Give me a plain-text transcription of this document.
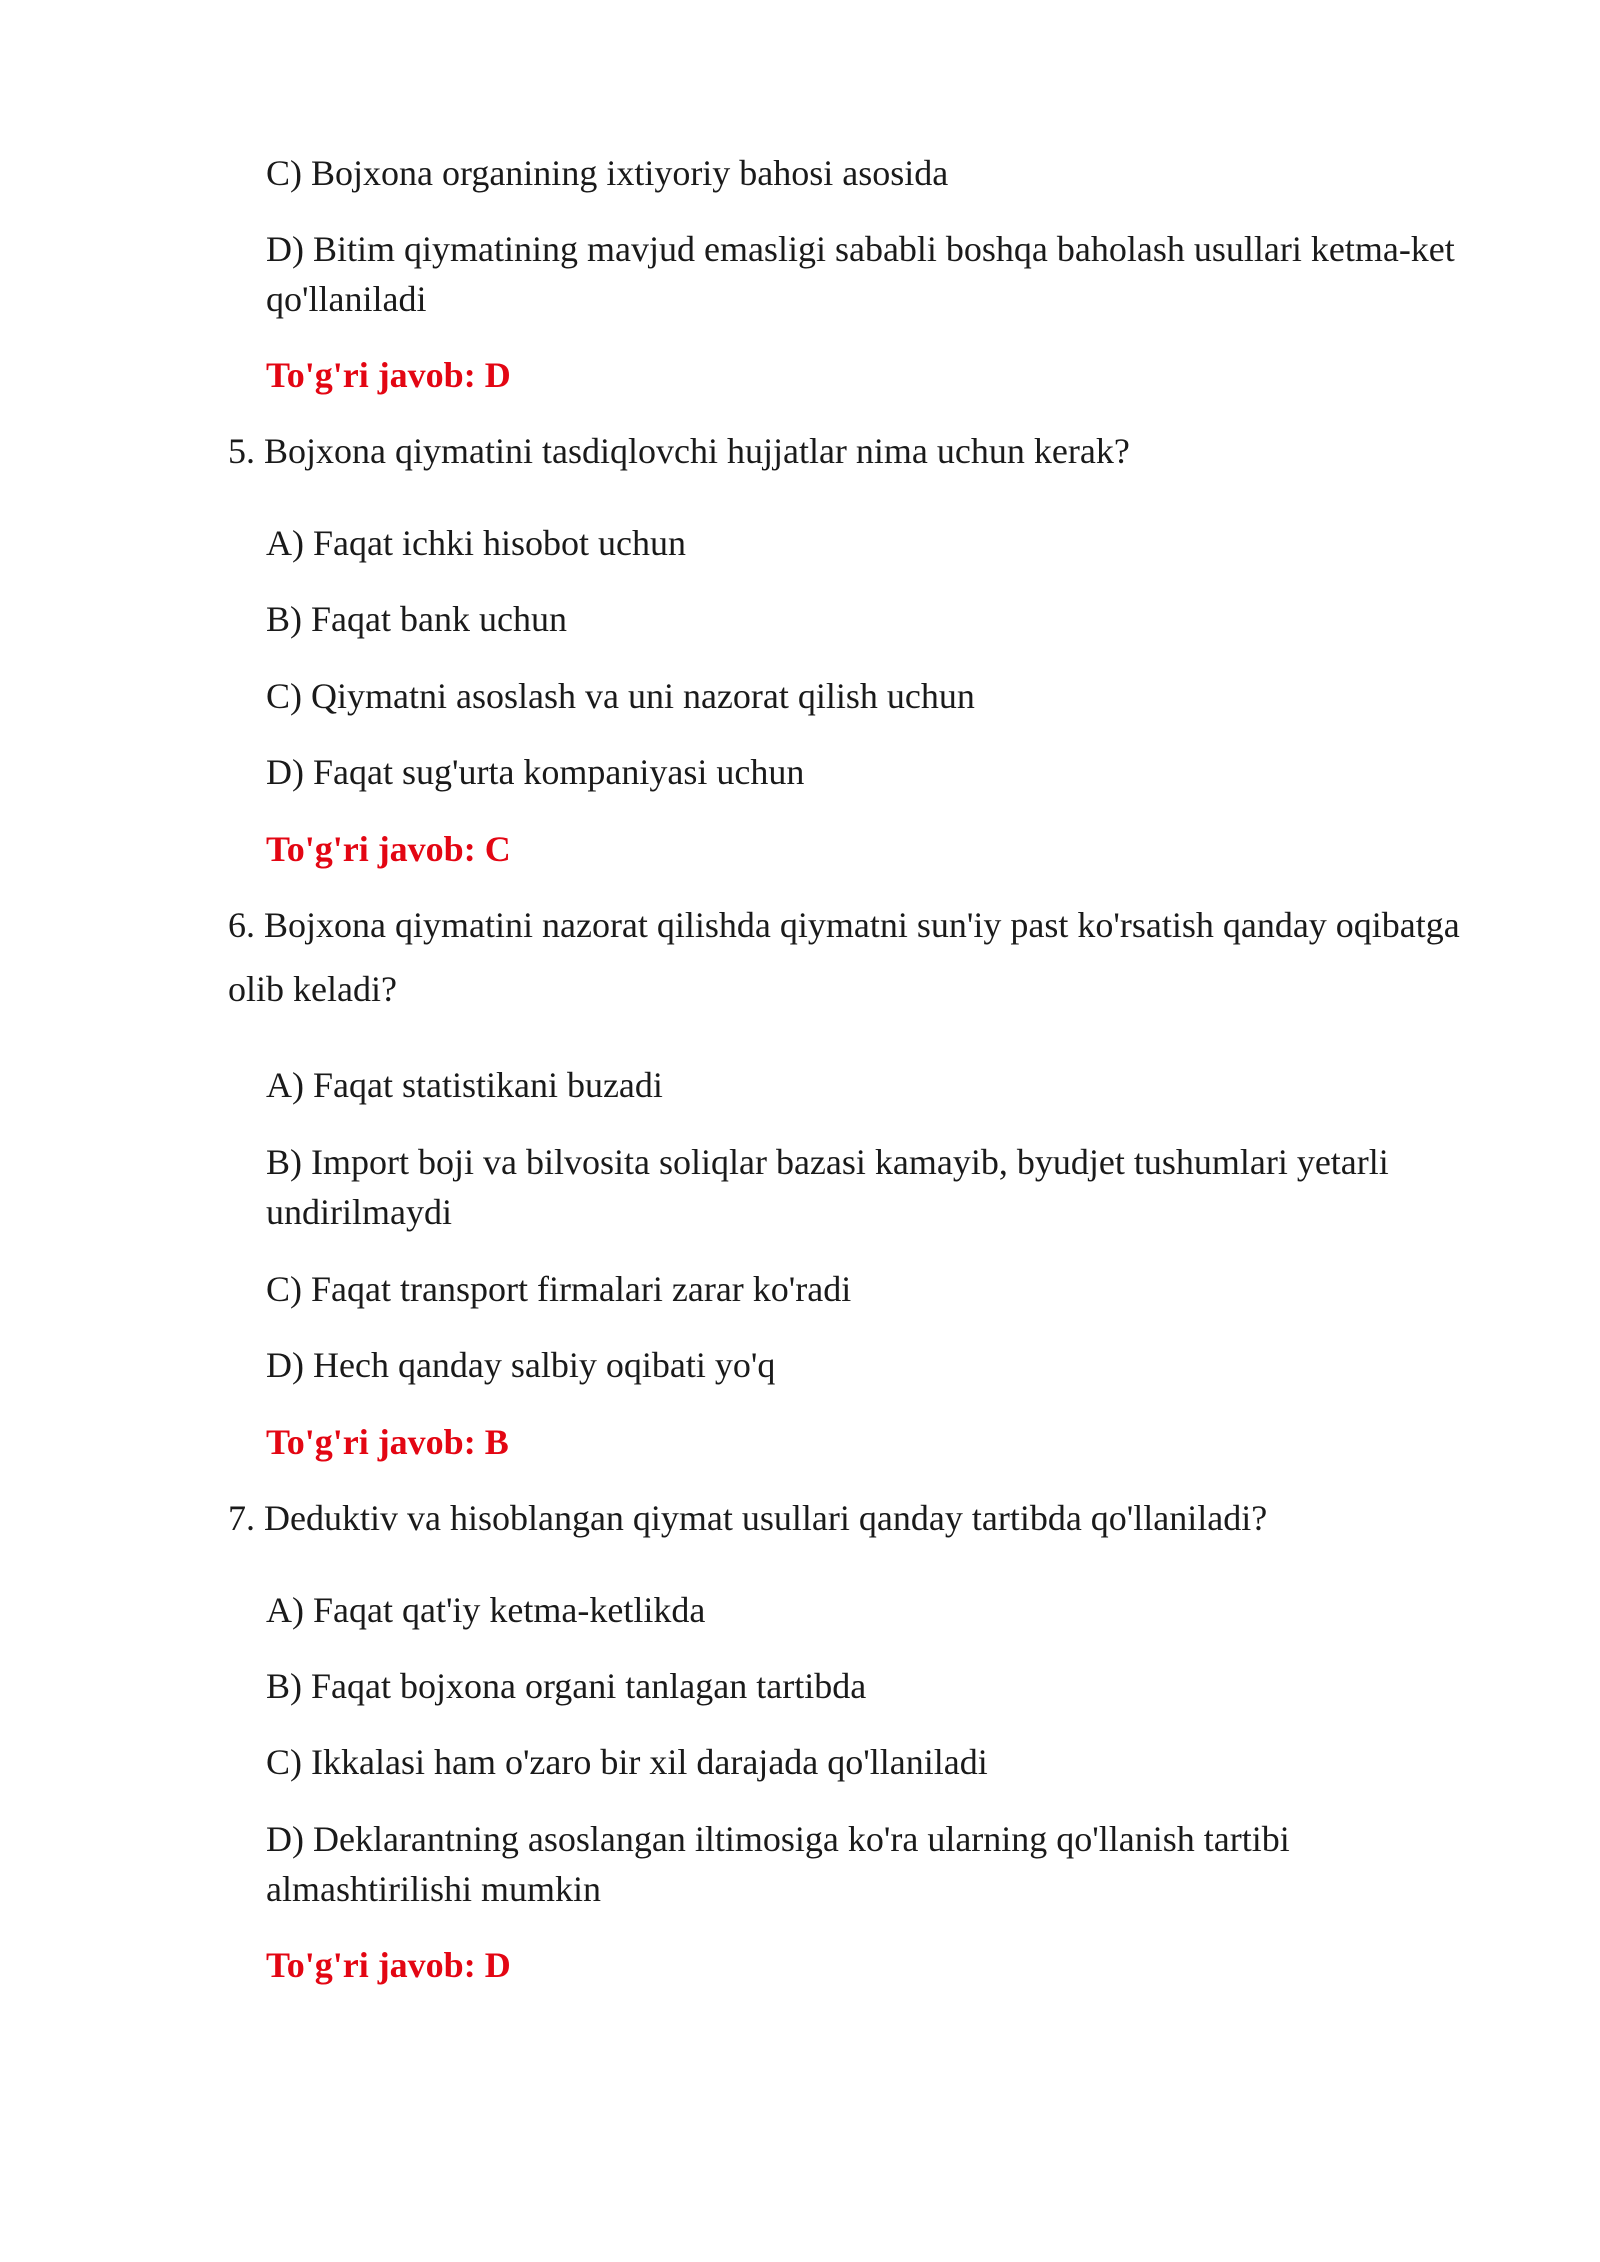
C) Bojxona organining ixtiyoriy bahosi asosida
D) Bitim qiymatining mavjud emasligi sababli boshqa baholash usullari ketma-ket qo'llaniladi
To'g'ri javob: D
5. Bojxona qiymatini tasdiqlovchi hujjatlar nima uchun kerak?
A) Faqat ichki hisobot uchun
B) Faqat bank uchun
C) Qiymatni asoslash va uni nazorat qilish uchun
D) Faqat sug'urta kompaniyasi uchun
To'g'ri javob: C
6. Bojxona qiymatini nazorat qilishda qiymatni sun'iy past ko'rsatish qanday oqibatga olib keladi?
A) Faqat statistikani buzadi
B) Import boji va bilvosita soliqlar bazasi kamayib, byudjet tushumlari yetarli undirilmaydi
C) Faqat transport firmalari zarar ko'radi
D) Hech qanday salbiy oqibati yo'q
To'g'ri javob: B
7. Deduktiv va hisoblangan qiymat usullari qanday tartibda qo'llaniladi?
A) Faqat qat'iy ketma-ketlikda
B) Faqat bojxona organi tanlagan tartibda
C) Ikkalasi ham o'zaro bir xil darajada qo'llaniladi
D) Deklarantning asoslangan iltimosiga ko'ra ularning qo'llanish tartibi almashtirilishi mumkin
To'g'ri javob: D
